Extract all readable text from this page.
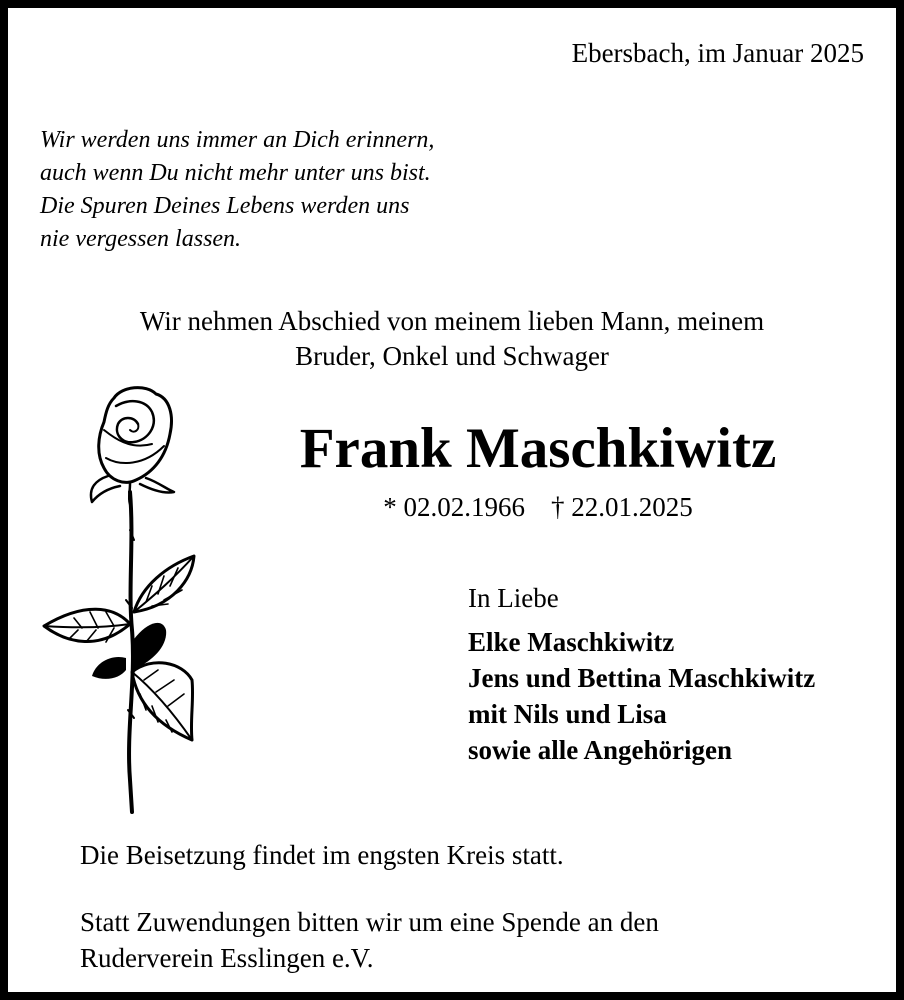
Ebersbach, im Januar 2025
Wir werden uns immer an Dich erinnern,
auch wenn Du nicht mehr unter uns bist.
Die Spuren Deines Lebens werden uns
nie vergessen lassen.
Wir nehmen Abschied von meinem lieben Mann, meinem
Bruder, Onkel und Schwager
Frank Maschkiwitz
* 02.02.1966 † 22.01.2025
In Liebe
Elke Maschkiwitz
Jens und Bettina Maschkiwitz
mit Nils und Lisa
sowie alle Angehörigen
Die Beisetzung findet im engsten Kreis statt.
Statt Zuwendungen bitten wir um eine Spende an den
Ruderverein Esslingen e.V.
